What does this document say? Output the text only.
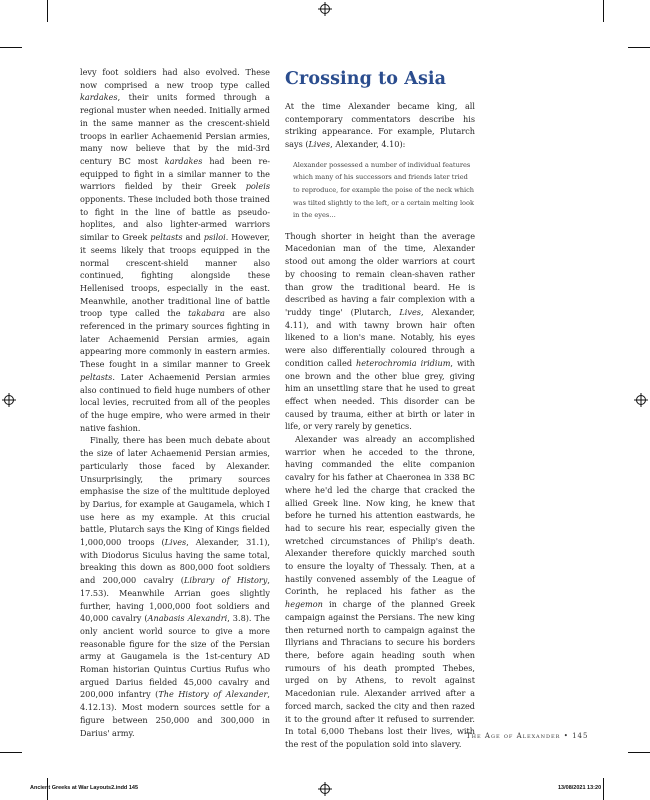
levy foot soldiers had also evolved. These now comprised a new troop type called kardakes, their units formed through a regional muster when needed. Initially armed in the same manner as the crescent-shield troops in earlier Achaemenid Persian armies, many now believe that by the mid-3rd century BC most kardakes had been re-equipped to fight in a similar manner to the warriors fielded by their Greek poleis opponents. These included both those trained to fight in the line of battle as pseudo-hoplites, and also lighter-armed warriors similar to Greek peltasts and psiloi. However, it seems likely that troops equipped in the normal crescent-shield manner also continued, fighting alongside these Hellenised troops, especially in the east. Meanwhile, another traditional line of battle troop type called the takabara are also referenced in the primary sources fighting in later Achaemenid Persian armies, again appearing more commonly in eastern armies. These fought in a similar manner to Greek peltasts. Later Achaemenid Persian armies also continued to field huge numbers of other local levies, recruited from all of the peoples of the huge empire, who were armed in their native fashion.

Finally, there has been much debate about the size of later Achaemenid Persian armies, particularly those faced by Alexander. Unsurprisingly, the primary sources emphasise the size of the multitude deployed by Darius, for example at Gaugamela, which I use here as my example. At this crucial battle, Plutarch says the King of Kings fielded 1,000,000 troops (Lives, Alexander, 31.1), with Diodorus Siculus having the same total, breaking this down as 800,000 foot soldiers and 200,000 cavalry (Library of History, 17.53). Meanwhile Arrian goes slightly further, having 1,000,000 foot soldiers and 40,000 cavalry (Anabasis Alexandri, 3.8). The only ancient world source to give a more reasonable figure for the size of the Persian army at Gaugamela is the 1st-century AD Roman historian Quintus Curtius Rufus who argued Darius fielded 45,000 cavalry and 200,000 infantry (The History of Alexander, 4.12.13). Most modern sources settle for a figure between 250,000 and 300,000 in Darius' army.

Crossing to Asia

At the time Alexander became king, all contemporary commentators describe his striking appearance. For example, Plutarch says (Lives, Alexander, 4.10):

Alexander possessed a number of individual features which many of his successors and friends later tried to reproduce, for example the poise of the neck which was tilted slightly to the left, or a certain melting look in the eyes…

Though shorter in height than the average Macedonian man of the time, Alexander stood out among the older warriors at court by choosing to remain clean-shaven rather than grow the traditional beard. He is described as having a fair complexion with a 'ruddy tinge' (Plutarch, Lives, Alexander, 4.11), and with tawny brown hair often likened to a lion's mane. Notably, his eyes were also differentially coloured through a condition called heterochromia iridium, with one brown and the other blue grey, giving him an unsettling stare that he used to great effect when needed. This disorder can be caused by trauma, either at birth or later in life, or very rarely by genetics.

Alexander was already an accomplished warrior when he acceded to the throne, having commanded the elite companion cavalry for his father at Chaeronea in 338 BC where he'd led the charge that cracked the allied Greek line. Now king, he knew that before he turned his attention eastwards, he had to secure his rear, especially given the wretched circumstances of Philip's death. Alexander therefore quickly marched south to ensure the loyalty of Thessaly. Then, at a hastily convened assembly of the League of Corinth, he replaced his father as the hegemon in charge of the planned Greek campaign against the Persians. The new king then returned north to campaign against the Illyrians and Thracians to secure his borders there, before again heading south when rumours of his death prompted Thebes, urged on by Athens, to revolt against Macedonian rule. Alexander arrived after a forced march, sacked the city and then razed it to the ground after it refused to surrender. In total 6,000 Thebans lost their lives, with the rest of the population sold into slavery.

The Age of Alexander • 145
Ancient Greeks at War Layouts2.indd 145	13/08/2021 13:20
